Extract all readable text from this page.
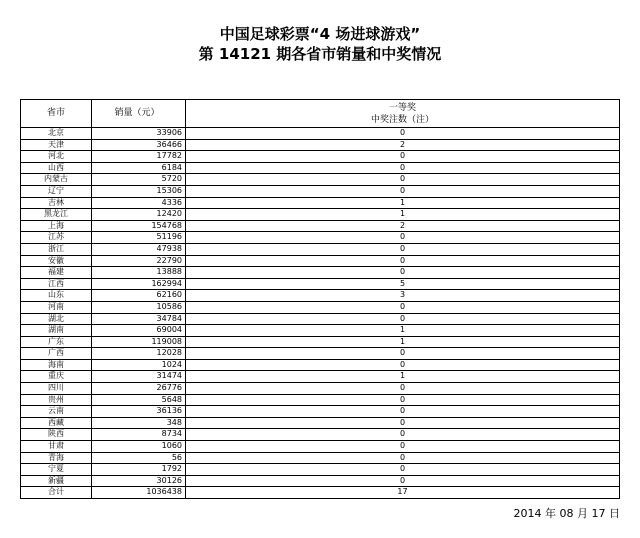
中国足球彩票“4 场进球游戏”
第 14121 期各省市销量和中奖情况
省市	销量（元）	一等奖
中奖注数（注）

北京	33906	0
天津	36466	2
河北	17782	0
山西	6184	0
内蒙古	5720	0
辽宁	15306	0
吉林	4336	1
黑龙江	12420	1
上海	154768	2
江苏	51196	0
浙江	47938	0
安徽	22790	0
福建	13888	0
江西	162994	5
山东	62160	3
河南	10586	0
湖北	34784	0
湖南	69004	1
广东	119008	1
广西	12028	0
海南	1024	0
重庆	31474	1
四川	26776	0
贵州	5648	0
云南	36136	0
西藏	348	0
陕西	8734	0
甘肃	1060	0
青海	56	0
宁夏	1792	0
新疆	30126	0
合计	1036438	17
2014 年 08 月 17 日
